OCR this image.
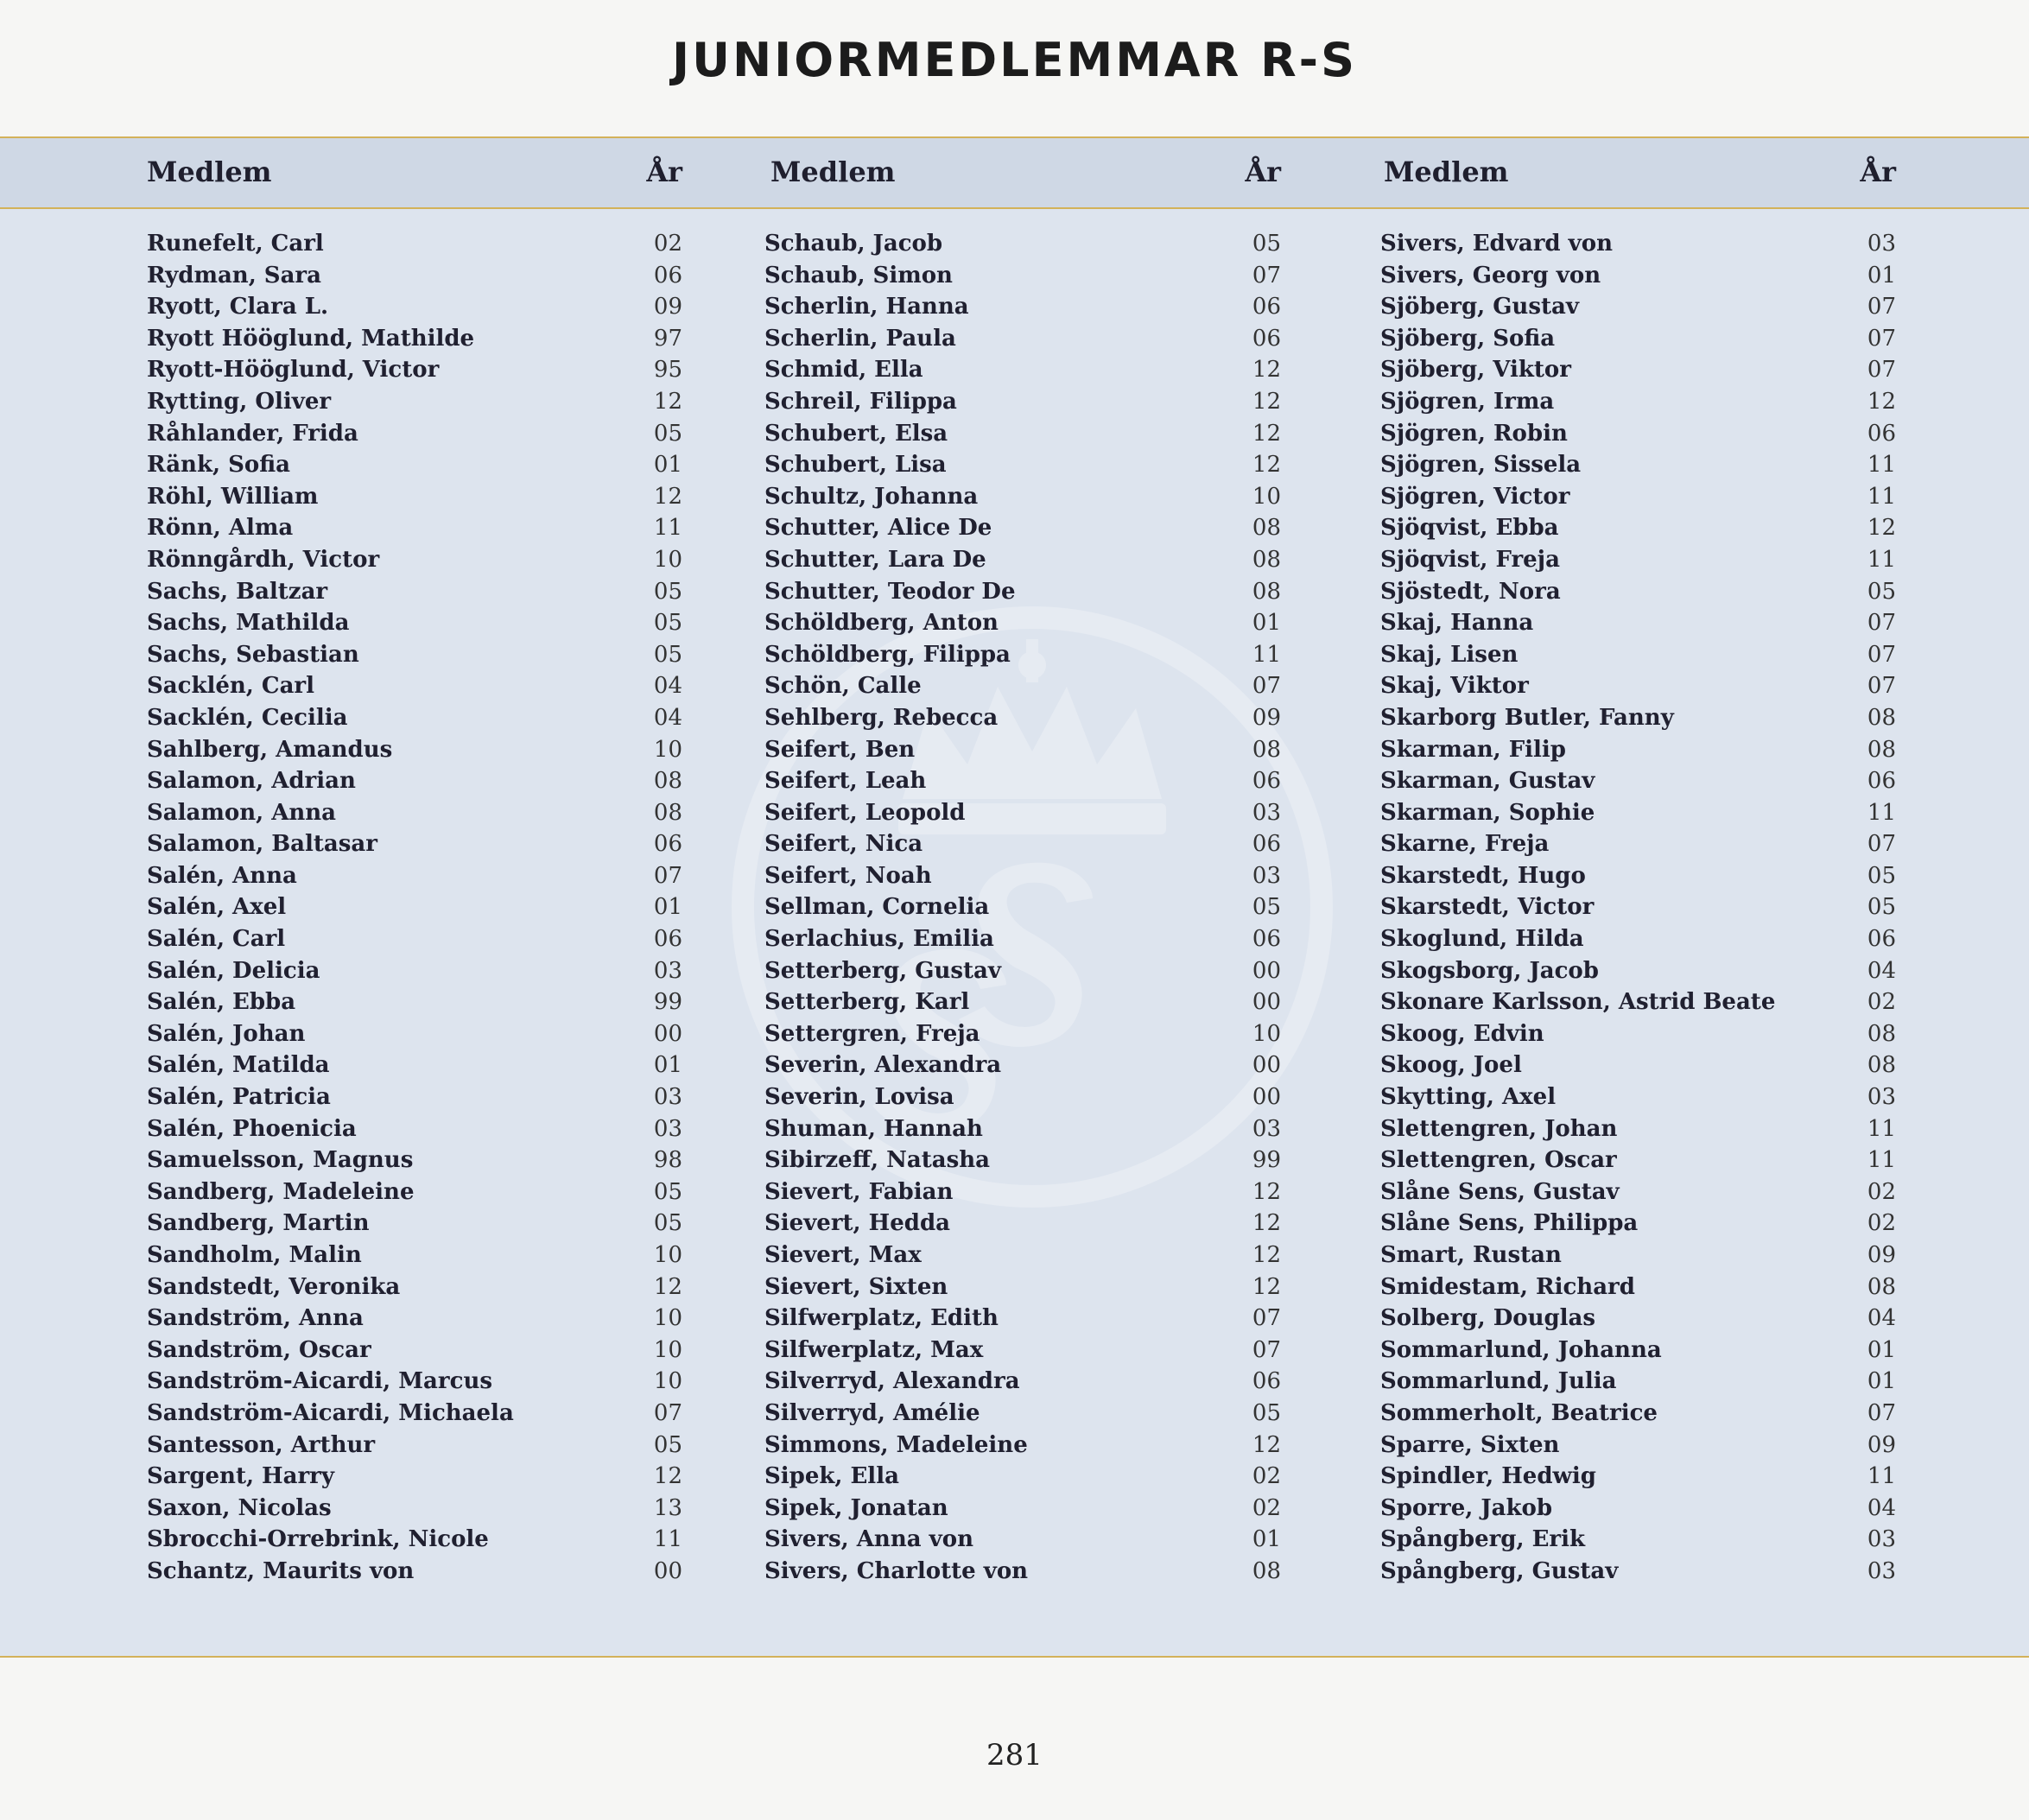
JUNIORMEDLEMMAR R-S
Medlem	År
Runefelt, Carl	02
Rydman, Sara	06
Ryott, Clara L.	09
Ryott Hööglund, Mathilde	97
Ryott-Hööglund, Victor	95
Rytting, Oliver	12
Råhlander, Frida	05
Ränk, Sofia	01
Röhl, William	12
Rönn, Alma	11
Rönngårdh, Victor	10
Sachs, Baltzar	05
Sachs, Mathilda	05
Sachs, Sebastian	05
Sacklén, Carl	04
Sacklén, Cecilia	04
Sahlberg, Amandus	10
Salamon, Adrian	08
Salamon, Anna	08
Salamon, Baltasar	06
Salén, Anna	07
Salén, Axel	01
Salén, Carl	06
Salén, Delicia	03
Salén, Ebba	99
Salén, Johan	00
Salén, Matilda	01
Salén, Patricia	03
Salén, Phoenicia	03
Samuelsson, Magnus	98
Sandberg, Madeleine	05
Sandberg, Martin	05
Sandholm, Malin	10
Sandstedt, Veronika	12
Sandström, Anna	10
Sandström, Oscar	10
Sandström-Aicardi, Marcus	10
Sandström-Aicardi, Michaela	07
Santesson, Arthur	05
Sargent, Harry	12
Saxon, Nicolas	13
Sbrocchi-Orrebrink, Nicole	11
Schantz, Maurits von	00
Medlem	År
Schaub, Jacob	05
Schaub, Simon	07
Scherlin, Hanna	06
Scherlin, Paula	06
Schmid, Ella	12
Schreil, Filippa	12
Schubert, Elsa	12
Schubert, Lisa	12
Schultz, Johanna	10
Schutter, Alice De	08
Schutter, Lara De	08
Schutter, Teodor De	08
Schöldberg, Anton	01
Schöldberg, Filippa	11
Schön, Calle	07
Sehlberg, Rebecca	09
Seifert, Ben	08
Seifert, Leah	06
Seifert, Leopold	03
Seifert, Nica	06
Seifert, Noah	03
Sellman, Cornelia	05
Serlachius, Emilia	06
Setterberg, Gustav	00
Setterberg, Karl	00
Settergren, Freja	10
Severin, Alexandra	00
Severin, Lovisa	00
Shuman, Hannah	03
Sibirzeff, Natasha	99
Sievert, Fabian	12
Sievert, Hedda	12
Sievert, Max	12
Sievert, Sixten	12
Silfwerplatz, Edith	07
Silfwerplatz, Max	07
Silverryd, Alexandra	06
Silverryd, Amélie	05
Simmons, Madeleine	12
Sipek, Ella	02
Sipek, Jonatan	02
Sivers, Anna von	01
Sivers, Charlotte von	08
Medlem	År
Sivers, Edvard von	03
Sivers, Georg von	01
Sjöberg, Gustav	07
Sjöberg, Sofia	07
Sjöberg, Viktor	07
Sjögren, Irma	12
Sjögren, Robin	06
Sjögren, Sissela	11
Sjögren, Victor	11
Sjöqvist, Ebba	12
Sjöqvist, Freja	11
Sjöstedt, Nora	05
Skaj, Hanna	07
Skaj, Lisen	07
Skaj, Viktor	07
Skarborg Butler, Fanny	08
Skarman, Filip	08
Skarman, Gustav	06
Skarman, Sophie	11
Skarne, Freja	07
Skarstedt, Hugo	05
Skarstedt, Victor	05
Skoglund, Hilda	06
Skogsborg, Jacob	04
Skonare Karlsson, Astrid Beate	02
Skoog, Edvin	08
Skoog, Joel	08
Skytting, Axel	03
Slettengren, Johan	11
Slettengren, Oscar	11
Slåne Sens, Gustav	02
Slåne Sens, Philippa	02
Smart, Rustan	09
Smidestam, Richard	08
Solberg, Douglas	04
Sommarlund, Johanna	01
Sommarlund, Julia	01
Sommerholt, Beatrice	07
Sparre, Sixten	09
Spindler, Hedwig	11
Sporre, Jakob	04
Spångberg, Erik	03
Spångberg, Gustav	03
281
